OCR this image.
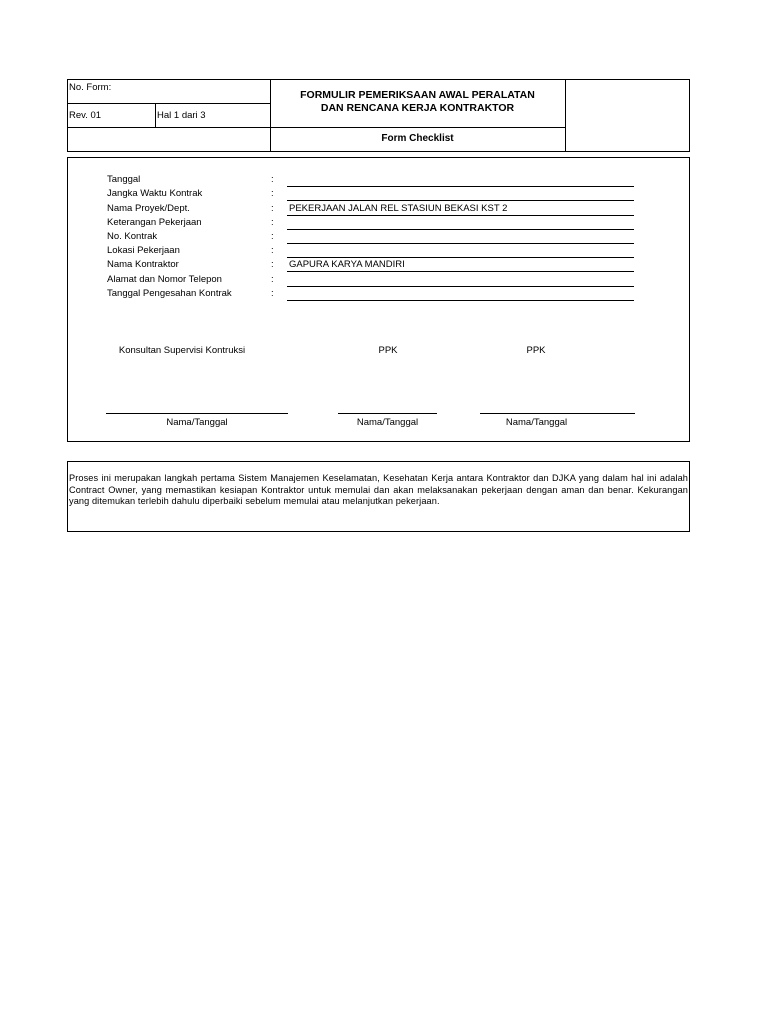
No. Form:
Rev. 01	Hal 1 dari 3
FORMULIR PEMERIKSAAN AWAL PERALATAN
DAN RENCANA KERJA KONTRAKTOR
Form Checklist
Tanggal	:
Jangka Waktu Kontrak	:
Nama Proyek/Dept.	: PEKERJAAN JALAN REL STASIUN BEKASI KST 2
Keterangan Pekerjaan	:
No. Kontrak	:
Lokasi Pekerjaan	:
Nama Kontraktor	: GAPURA KARYA MANDIRI
Alamat dan Nomor Telepon	:
Tanggal Pengesahan Kontrak	:
Konsultan Supervisi Kontruksi	PPK	PPK
Nama/Tanggal	Nama/Tanggal	Nama/Tanggal
Proses ini merupakan langkah pertama Sistem Manajemen Keselamatan, Kesehatan Kerja antara Kontraktor dan DJKA yang dalam hal ini adalah Contract Owner, yang memastikan kesiapan Kontraktor untuk memulai dan akan melaksanakan pekerjaan dengan aman dan benar. Kekurangan yang ditemukan terlebih dahulu diperbaiki sebelum memulai atau melanjutkan pekerjaan.
